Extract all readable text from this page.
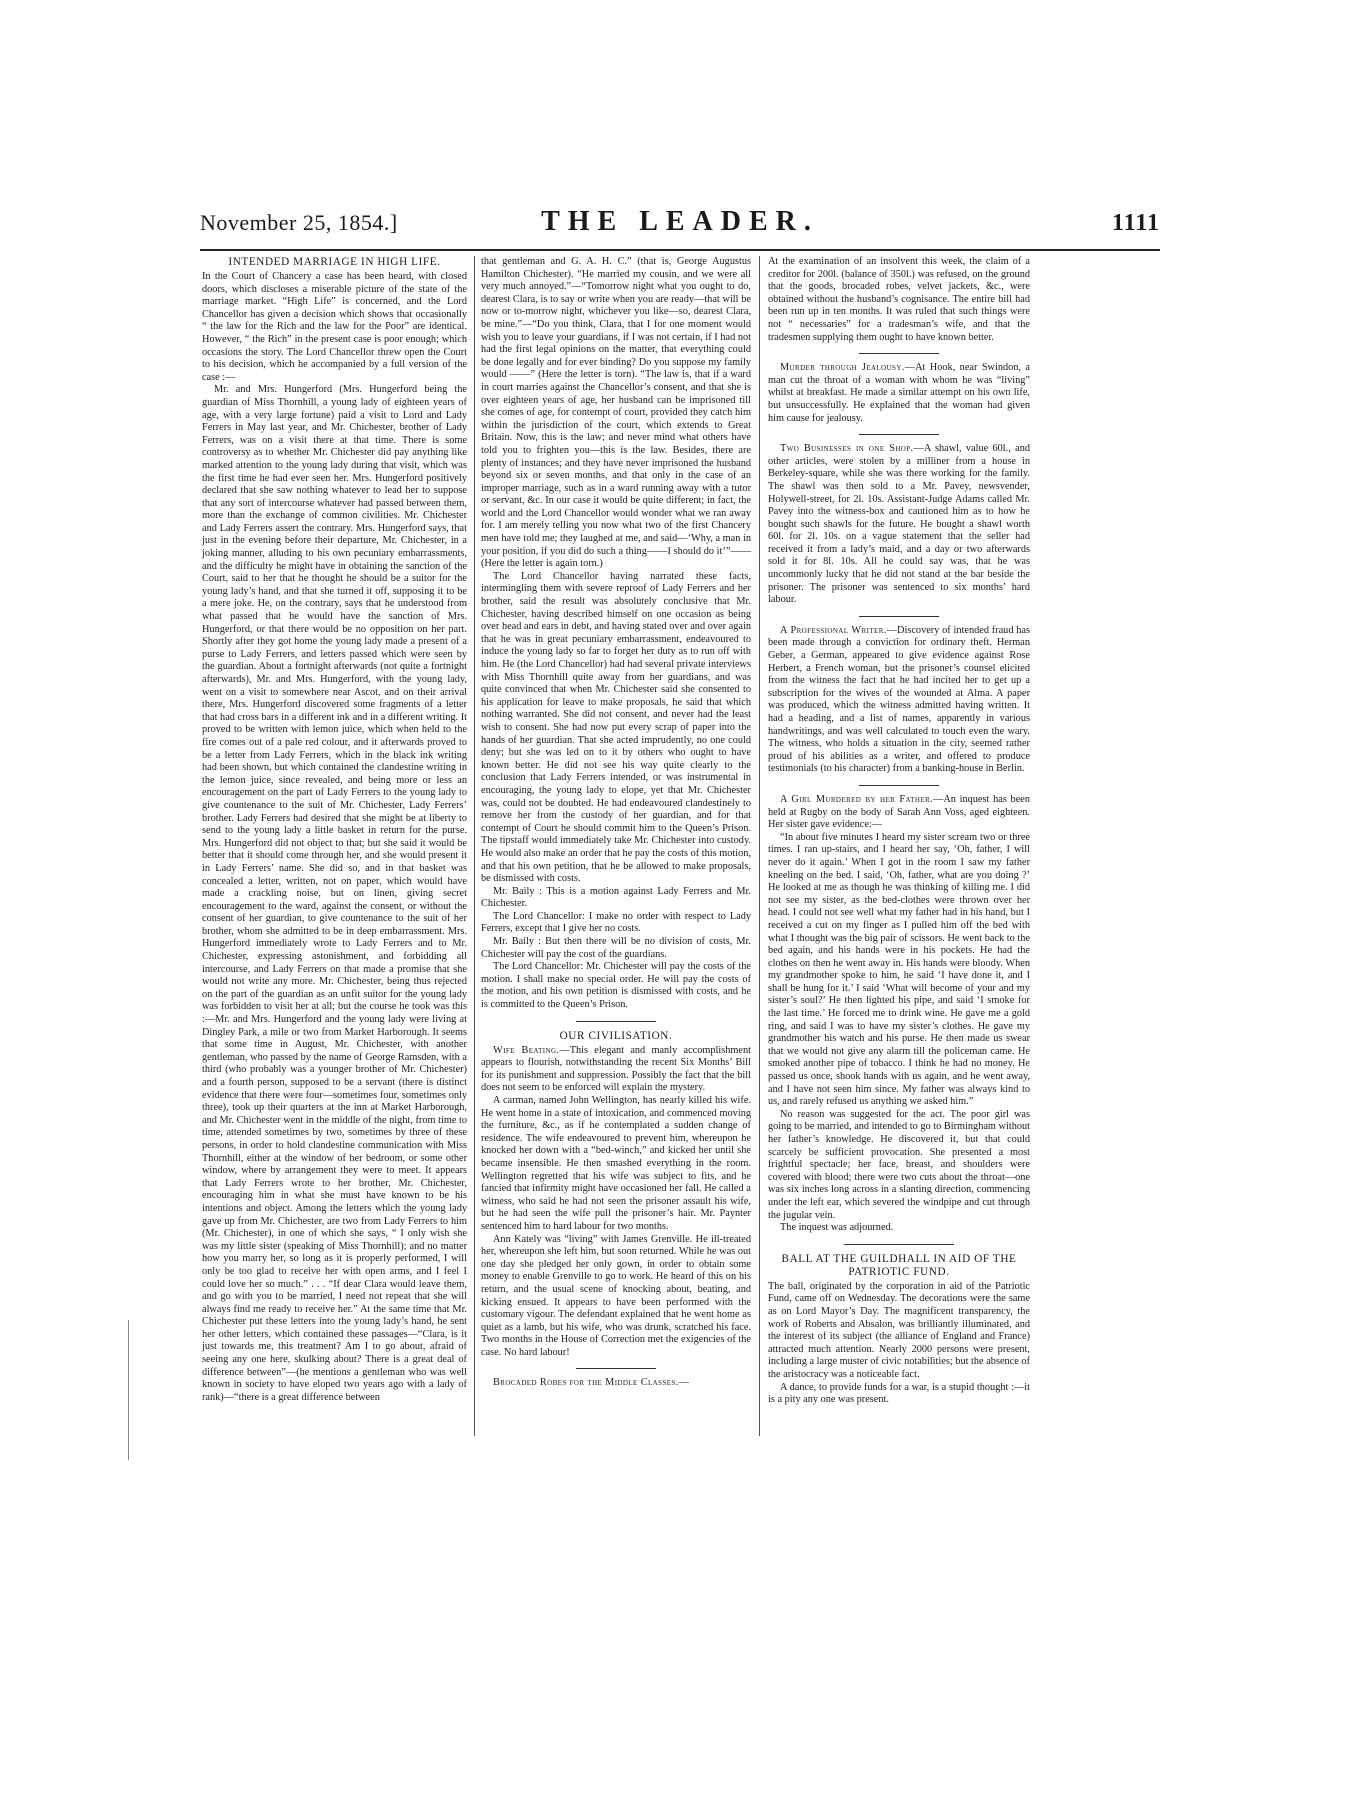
November 25, 1854.]	THE LEADER.	1111
INTENDED MARRIAGE IN HIGH LIFE.

In the Court of Chancery a case has been heard, with closed doors, which discloses a miserable picture of the state of the marriage market. “High Life” is concerned, and the Lord Chancellor has given a decision which shows that occasionally “ the law for the Rich and the law for the Poor” are identical. However, “ the Rich” in the present case is poor enough; which occasions the story. The Lord Chancellor threw open the Court to his decision, which he accompanied by a full version of the case :—

Mr. and Mrs. Hungerford (Mrs. Hungerford being the guardian of Miss Thornhill, a young lady of eighteen years of age, with a very large fortune) paid a visit to Lord and Lady Ferrers in May last year, and Mr. Chichester, brother of Lady Ferrers, was on a visit there at that time. There is some controversy as to whether Mr. Chichester did pay anything like marked attention to the young lady during that visit, which was the first time he had ever seen her. Mrs. Hungerford positively declared that she saw nothing whatever to lead her to suppose that any sort of intercourse whatever had passed between them, more than the exchange of common civilities. Mr. Chichester and Lady Ferrers assert the contrary. Mrs. Hungerford says, that just in the evening before their departure, Mr. Chichester, in a joking manner, alluding to his own pecuniary embarrassments, and the difficulty he might have in obtaining the sanction of the Court, said to her that he thought he should be a suitor for the young lady’s hand, and that she turned it off, supposing it to be a mere joke. He, on the contrary, says that he understood from what passed that he would have the sanction of Mrs. Hungerford, or that there would be no opposition on her part. Shortly after they got home the young lady made a present of a purse to Lady Ferrers, and letters passed which were seen by the guardian. About a fortnight afterwards (not quite a fortnight afterwards), Mr. and Mrs. Hungerford, with the young lady, went on a visit to somewhere near Ascot, and on their arrival there, Mrs. Hungerford discovered some fragments of a letter that had cross bars in a different ink and in a different writing. It proved to be written with lemon juice, which when held to the fire comes out of a pale red colour, and it afterwards proved to be a letter from Lady Ferrers, which in the black ink writing had been shown, but which contained the clandestine writing in the lemon juice, since revealed, and being more or less an encouragement on the part of Lady Ferrers to the young lady to give countenance to the suit of Mr. Chichester, Lady Ferrers’ brother. Lady Ferrers had desired that she might be at liberty to send to the young lady a little basket in return for the purse. Mrs. Hungerford did not object to that; but she said it would be better that it should come through her, and she would present it in Lady Ferrers’ name. She did so, and in that basket was concealed a letter, written, not on paper, which would have made a crackling noise, but on linen, giving secret encouragement to the ward, against the consent, or without the consent of her guardian, to give countenance to the suit of her brother, whom she admitted to be in deep embarrassment. Mrs. Hungerford immediately wrote to Lady Ferrers and to Mr. Chichester, expressing astonishment, and forbidding all intercourse, and Lady Ferrers on that made a promise that she would not write any more. Mr. Chichester, being thus rejected on the part of the guardian as an unfit suitor for the young lady was forbidden to visit her at all; but the course he took was this :—Mr. and Mrs. Hungerford and the young lady were living at Dingley Park, a mile or two from Market Harborough. It seems that some time in August, Mr. Chichester, with another gentleman, who passed by the name of George Ramsden, with a third (who probably was a younger brother of Mr. Chichester) and a fourth person, supposed to be a servant (there is distinct evidence that there were four—sometimes four, sometimes only three), took up their quarters at the inn at Market Harborough, and Mr. Chichester went in the middle of the night, from time to time, attended sometimes by two, sometimes by three of these persons, in order to hold clandestine communication with Miss Thornhill, either at the window of her bedroom, or some other window, where by arrangement they were to meet. It appears that Lady Ferrers wrote to her brother, Mr. Chichester, encouraging him in what she must have known to be his intentions and object. Among the letters which the young lady gave up from Mr. Chichester, are two from Lady Ferrers to him (Mr. Chichester), in one of which she says, “ I only wish she was my little sister (speaking of Miss Thornhill); and no matter how you marry her, so long as it is properly performed, I will only be too glad to receive her with open arms, and I feel I could love her so much.” . . . “If dear Clara would leave them, and go with you to be married, I need not repeat that she will always find me ready to receive her.” At the same time that Mr. Chichester put these letters into the young lady’s hand, he sent her other letters, which contained these passages—“Clara, is it just towards me, this treatment? Am I to go about, afraid of seeing any one here, skulking about? There is a great deal of difference between”—(he mentions a gentleman who was well known in society to have eloped two years ago with a lady of rank)—“there is a great difference between

that gentleman and G. A. H. C.” (that is, George Augustus Hamilton Chichester). “He married my cousin, and we were all very much annoyed.”—“Tomorrow night what you ought to do, dearest Clara, is to say or write when you are ready—that will be now or to-morrow night, whichever you like—so, dearest Clara, be mine.”—“Do you think, Clara, that I for one moment would wish you to leave your guardians, if I was not certain, if I had not had the first legal opinions on the matter, that everything could be done legally and for ever binding? Do you suppose my family would ——” (Here the letter is torn). “The law is, that if a ward in court marries against the Chancellor’s consent, and that she is over eighteen years of age, her husband can be imprisoned till she comes of age, for contempt of court, provided they catch him within the jurisdiction of the court, which extends to Great Britain. Now, this is the law; and never mind what others have told you to frighten you—this is the law. Besides, there are plenty of instances; and they have never imprisoned the husband beyond six or seven months, and that only in the case of an improper marriage, such as in a ward running away with a tutor or servant, &c. In our case it would be quite different; in fact, the world and the Lord Chancellor would wonder what we ran away for. I am merely telling you now what two of the first Chancery men have told me; they laughed at me, and said—‘Why, a man in your position, if you did do such a thing——I should do it’”——(Here the letter is again torn.)

The Lord Chancellor having narrated these facts, intermingling them with severe reproof of Lady Ferrers and her brother, said the result was absolutely conclusive that Mr. Chichester, having described himself on one occasion as being over head and ears in debt, and having stated over and over again that he was in great pecuniary embarrassment, endeavoured to induce the young lady so far to forget her duty as to run off with him. He (the Lord Chancellor) had had several private interviews with Miss Thornhill quite away from her guardians, and was quite convinced that when Mr. Chichester said she consented to his application for leave to make proposals, he said that which nothing warranted. She did not consent, and never had the least wish to consent. She had now put every scrap of paper into the hands of her guardian. That she acted imprudently, no one could deny; but she was led on to it by others who ought to have known better. He did not see his way quite clearly to the conclusion that Lady Ferrers intended, or was instrumental in encouraging, the young lady to elope, yet that Mr. Chichester was, could not be doubted. He had endeavoured clandestinely to remove her from the custody of her guardian, and for that contempt of Court he should commit him to the Queen’s Prison. The tipstaff would immediately take Mr. Chichester into custody. He would also make an order that he pay the costs of this motion, and that his own petition, that he be allowed to make proposals, be dismissed with costs.

Mr. Baily : This is a motion against Lady Ferrers and Mr. Chichester.

The Lord Chancellor: I make no order with respect to Lady Ferrers, except that I give her no costs.

Mr. Baily : But then there will be no division of costs, Mr. Chichester will pay the cost of the guardians.

The Lord Chancellor: Mr. Chichester will pay the costs of the motion. I shall make no special order. He will pay the costs of the motion, and his own petition is dismissed with costs, and he is committed to the Queen’s Prison.

OUR CIVILISATION.

Wife Beating.—This elegant and manly accomplishment appears to flourish, notwithstanding the recent Six Months’ Bill for its punishment and suppression. Possibly the fact that the bill does not seem to be enforced will explain the mystery.

A carman, named John Wellington, has nearly killed his wife. He went home in a state of intoxication, and commenced moving the furniture, &c., as if he contemplated a sudden change of residence. The wife endeavoured to prevent him, whereupon he knocked her down with a “bed-winch,” and kicked her until she became insensible. He then smashed everything in the room. Wellington regretted that his wife was subject to fits, and he fancied that infirmity might have occasioned her fall. He called a witness, who said he had not seen the prisoner assault his wife, but he had seen the wife pull the prisoner’s hair. Mr. Paynter sentenced him to hard labour for two months.

Ann Kately was “living” with James Grenville. He ill-treated her, whereupon she left him, but soon returned. While he was out one day she pledged her only gown, in order to obtain some money to enable Grenville to go to work. He heard of this on his return, and the usual scene of knocking about, beating, and kicking ensued. It appears to have been performed with the customary vigour. The defendant explained that he went home as quiet as a lamb, but his wife, who was drunk, scratched his face. Two months in the House of Correction met the exigencies of the case. No hard labour!

Brocaded Robes for the Middle Classes.—

At the examination of an insolvent this week, the claim of a creditor for 200l. (balance of 350l.) was refused, on the ground that the goods, brocaded robes, velvet jackets, &c., were obtained without the husband’s cognisance. The entire bill had been run up in ten months. It was ruled that such things were not “ necessaries” for a tradesman’s wife, and that the tradesmen supplying them ought to have known better.

Murder through Jealousy.—At Hook, near Swindon, a man cut the throat of a woman with whom he was “living” whilst at breakfast. He made a similar attempt on his own life, but unsuccessfully. He explained that the woman had given him cause for jealousy.

Two Businesses in one Shop.—A shawl, value 60l., and other articles, were stolen by a milliner from a house in Berkeley-square, while she was there working for the family. The shawl was then sold to a Mr. Pavey, newsvender, Holywell-street, for 2l. 10s. Assistant-Judge Adams called Mr. Pavey into the witness-box and cautioned him as to how he bought such shawls for the future. He bought a shawl worth 60l. for 2l. 10s. on a vague statement that the seller had received it from a lady’s maid, and a day or two afterwards sold it for 8l. 10s. All he could say was, that he was uncommonly lucky that he did not stand at the bar beside the prisoner. The prisoner was sentenced to six months’ hard labour.

A Professional Writer.—Discovery of intended fraud has been made through a conviction for ordinary theft. Herman Geber, a German, appeared to give evidence against Rose Herbert, a French woman, but the prisoner’s counsel elicited from the witness the fact that he had incited her to get up a subscription for the wives of the wounded at Alma. A paper was produced, which the witness admitted having written. It had a heading, and a list of names, apparently in various handwritings, and was well calculated to touch even the wary. The witness, who holds a situation in the city, seemed rather proud of his abilities as a writer, and offered to produce testimonials (to his character) from a banking-house in Berlin.

A Girl Murdered by her Father.—An inquest has been held at Rugby on the body of Sarah Ann Voss, aged eighteen. Her sister gave evidence:—

“In about five minutes I heard my sister scream two or three times. I ran up-stairs, and I heard her say, ‘Oh, father, I will never do it again.’ When I got in the room I saw my father kneeling on the bed. I said, ‘Oh, father, what are you doing ?’ He looked at me as though he was thinking of killing me. I did not see my sister, as the bed-clothes were thrown over her head. I could not see well what my father had in his hand, but I received a cut on my finger as I pulled him off the bed with what I thought was the big pair of scissors. He went back to the bed again, and his hands were in his pockets. He had the clothes on then he went away in. His hands were bloody. When my grandmother spoke to him, he said ‘I have done it, and I shall be hung for it.’ I said ‘What will become of your and my sister’s soul?’ He then lighted his pipe, and said ‘I smoke for the last time.’ He forced me to drink wine. He gave me a gold ring, and said I was to have my sister’s clothes. He gave my grandmother his watch and his purse. He then made us swear that we would not give any alarm till the policeman came. He smoked another pipe of tobacco. I think he had no money. He passed us once, shook hands with us again, and he went away, and I have not seen him since. My father was always kind to us, and rarely refused us anything we asked him.”

No reason was suggested for the act. The poor girl was going to be married, and intended to go to Birmingham without her father’s knowledge. He discovered it, but that could scarcely be sufficient provocation. She presented a most frightful spectacle; her face, breast, and shoulders were covered with blood; there were two cuts about the throat—one was six inches long across in a slanting direction, commencing under the left ear, which severed the windpipe and cut through the jugular vein.

The inquest was adjourned.

BALL AT THE GUILDHALL IN AID OF THE PATRIOTIC FUND.

The ball, originated by the corporation in aid of the Patriotic Fund, came off on Wednesday. The decorations were the same as on Lord Mayor’s Day. The magnificent transparency, the work of Roberts and Absalon, was brilliantly illuminated, and the interest of its subject (the alliance of England and France) attracted much attention. Nearly 2000 persons were present, including a large muster of civic notabilities; but the absence of the aristocracy was a noticeable fact.

A dance, to provide funds for a war, is a stupid thought :—it is a pity any one was present.
